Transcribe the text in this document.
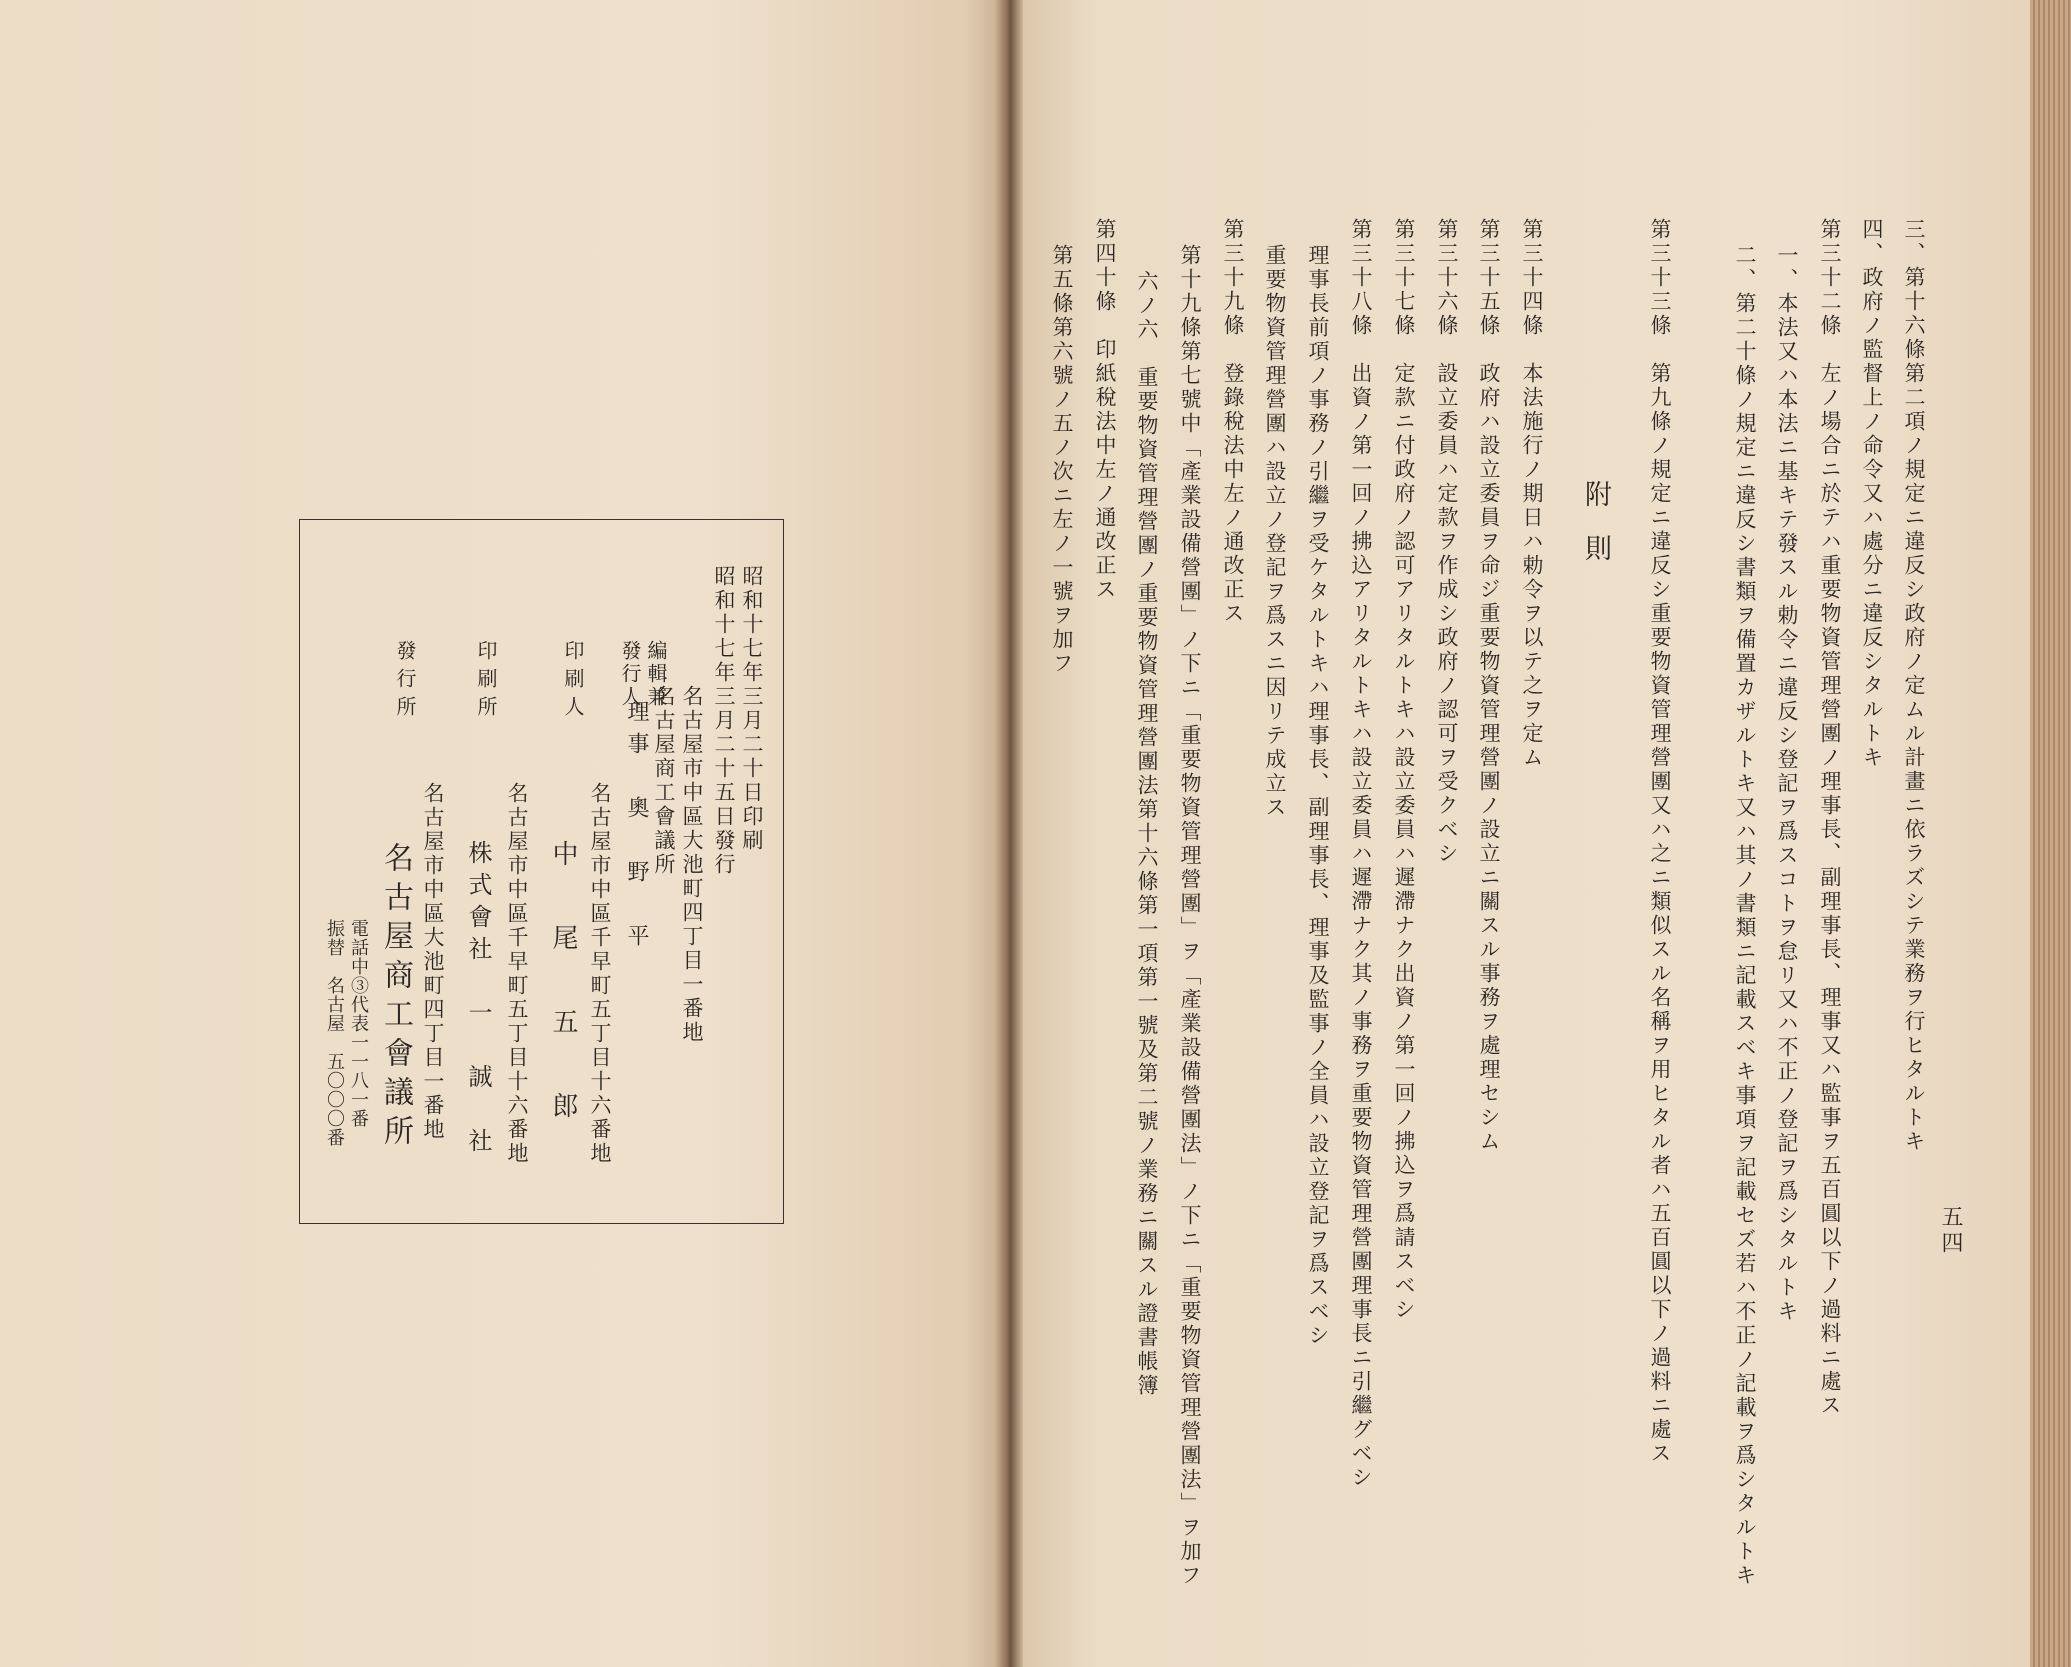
三、第十六條第二項ノ規定ニ違反シ政府ノ定ムル計畫ニ依ラズシテ業務ヲ行ヒタルトキ
四、政府ノ監督上ノ命令又ハ處分ニ違反シタルトキ
第三十二條　左ノ場合ニ於テハ重要物資管理營團ノ理事長、副理事長、理事又ハ監事ヲ五百圓以下ノ過料ニ處ス
一、本法又ハ本法ニ基キテ發スル勅令ニ違反シ登記ヲ爲スコトヲ怠リ又ハ不正ノ登記ヲ爲シタルトキ
二、第二十條ノ規定ニ違反シ書類ヲ備置カザルトキ又ハ其ノ書類ニ記載スベキ事項ヲ記載セズ若ハ不正ノ記載ヲ爲シタルトキ
第三十三條　第九條ノ規定ニ違反シ重要物資管理營團又ハ之ニ類似スル名稱ヲ用ヒタル者ハ五百圓以下ノ過料ニ處ス
附　則
第三十四條　本法施行ノ期日ハ勅令ヲ以テ之ヲ定ム
第三十五條　政府ハ設立委員ヲ命ジ重要物資管理營團ノ設立ニ關スル事務ヲ處理セシム
第三十六條　設立委員ハ定款ヲ作成シ政府ノ認可ヲ受クベシ
第三十七條　定款ニ付政府ノ認可アリタルトキハ設立委員ハ遲滯ナク出資ノ第一回ノ拂込ヲ爲請スベシ
第三十八條　出資ノ第一回ノ拂込アリタルトキハ設立委員ハ遲滯ナク其ノ事務ヲ重要物資管理營團理事長ニ引繼グベシ
理事長前項ノ事務ノ引繼ヲ受ケタルトキハ理事長、副理事長、理事及監事ノ全員ハ設立登記ヲ爲スベシ
重要物資管理營團ハ設立ノ登記ヲ爲スニ因リテ成立ス
第三十九條　登錄稅法中左ノ通改正ス
第十九條第七號中「產業設備營團」ノ下ニ「重要物資管理營團」ヲ「產業設備營團法」ノ下ニ「重要物資管理營團法」ヲ加フ
六ノ六　重要物資管理營團ノ重要物資管理營團法第十六條第一項第一號及第二號ノ業務ニ關スル證書帳簿
第四十條　印紙稅法中左ノ通改正ス
第五條第六號ノ五ノ次ニ左ノ一號ヲ加フ
五四
昭和十七年三月二十日印刷
昭和十七年三月二十五日發行
名古屋市中區大池町四丁目一番地
名古屋商工會議所
編輯兼
發行人
理事　奧　野　平
印刷人
名古屋市中區千早町五丁目十六番地
中　尾　五　郎
印刷所
名古屋市中區千早町五丁目十六番地
株式會社　一　誠　社
發行所
名古屋市中區大池町四丁目一番地
名古屋商工會議所
電話中③代表一一八一番
振替　名古屋　五〇〇〇番
